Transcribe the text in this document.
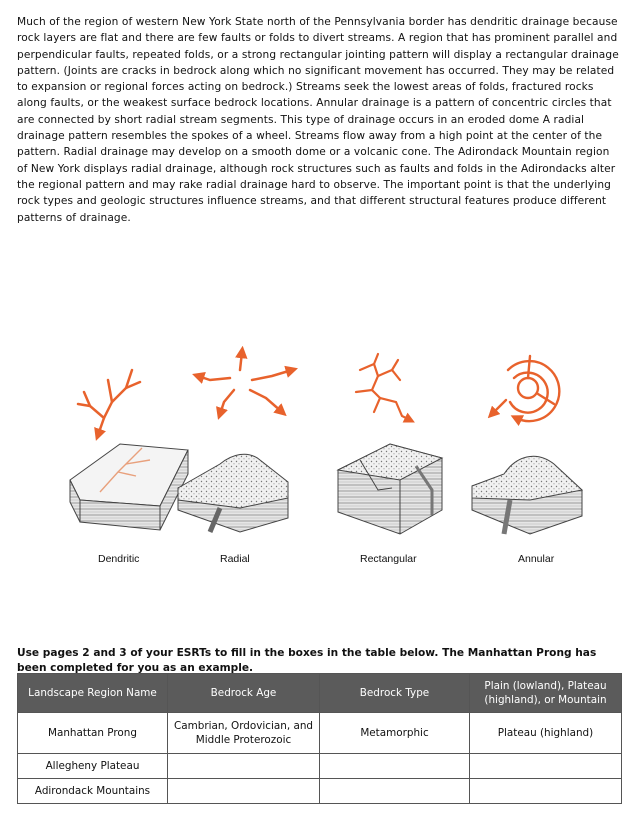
Much of the region of western New York State north of the Pennsylvania border has dendritic drainage because rock layers are flat and there are few faults or folds to divert streams. A region that has prominent parallel and perpendicular faults, repeated folds, or a strong rectangular jointing pattern will display a rectangular drainage pattern. (Joints are cracks in bedrock along which no significant movement has occurred. They may be related to expansion or regional forces acting on bedrock.) Streams seek the lowest areas of folds, fractured rocks along faults, or the weakest surface bedrock locations. Annular drainage is a pattern of concentric circles that are connected by short radial stream segments. This type of drainage occurs in an eroded dome A radial drainage pattern resembles the spokes of a wheel. Streams flow away from a high point at the center of the pattern. Radial drainage may develop on a smooth dome or a volcanic cone. The Adirondack Mountain region of New York displays radial drainage, although rock structures such as faults and folds in the Adirondacks alter the regional pattern and may rake radial drainage hard to observe. The important point is that the underlying rock types and geologic structures influence streams, and that different structural features produce different patterns of drainage.

Dendritic	Radial	Rectangular	Annular

Use pages 2 and 3 of your ESRTs to fill in the boxes in the table below. The Manhattan Prong has been completed for you as an example.

Landscape Region Name	Bedrock Age	Bedrock Type	Plain (lowland), Plateau (highland), or Mountain

Manhattan Prong	Cambrian, Ordovician, and Middle Proterozoic	Metamorphic	Plateau (highland)
Allegheny Plateau			
Adirondack Mountains			
